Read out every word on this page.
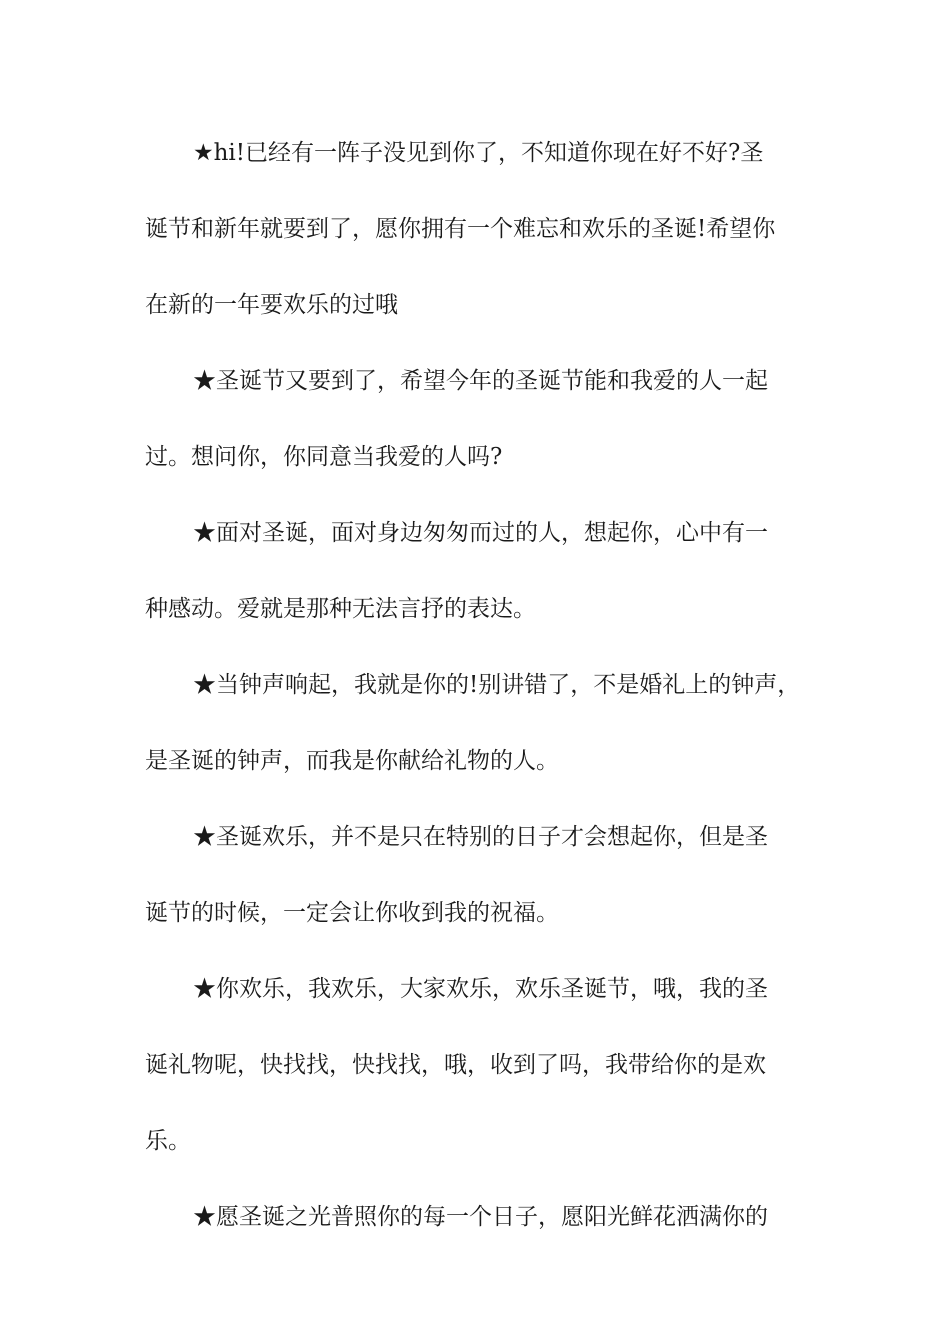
★hi!已经有一阵子没见到你了，不知道你现在好不好?圣
诞节和新年就要到了，愿你拥有一个难忘和欢乐的圣诞!希望你
在新的一年要欢乐的过哦

★圣诞节又要到了，希望今年的圣诞节能和我爱的人一起
过。想问你，你同意当我爱的人吗?

★面对圣诞，面对身边匆匆而过的人，想起你，心中有一
种感动。爱就是那种无法言抒的表达。

★当钟声响起，我就是你的!别讲错了，不是婚礼上的钟声，
是圣诞的钟声，而我是你献给礼物的人。

★圣诞欢乐，并不是只在特别的日子才会想起你，但是圣
诞节的时候，一定会让你收到我的祝福。

★你欢乐，我欢乐，大家欢乐，欢乐圣诞节，哦，我的圣
诞礼物呢，快找找，快找找，哦，收到了吗，我带给你的是欢
乐。

★愿圣诞之光普照你的每一个日子，愿阳光鲜花洒满你的
